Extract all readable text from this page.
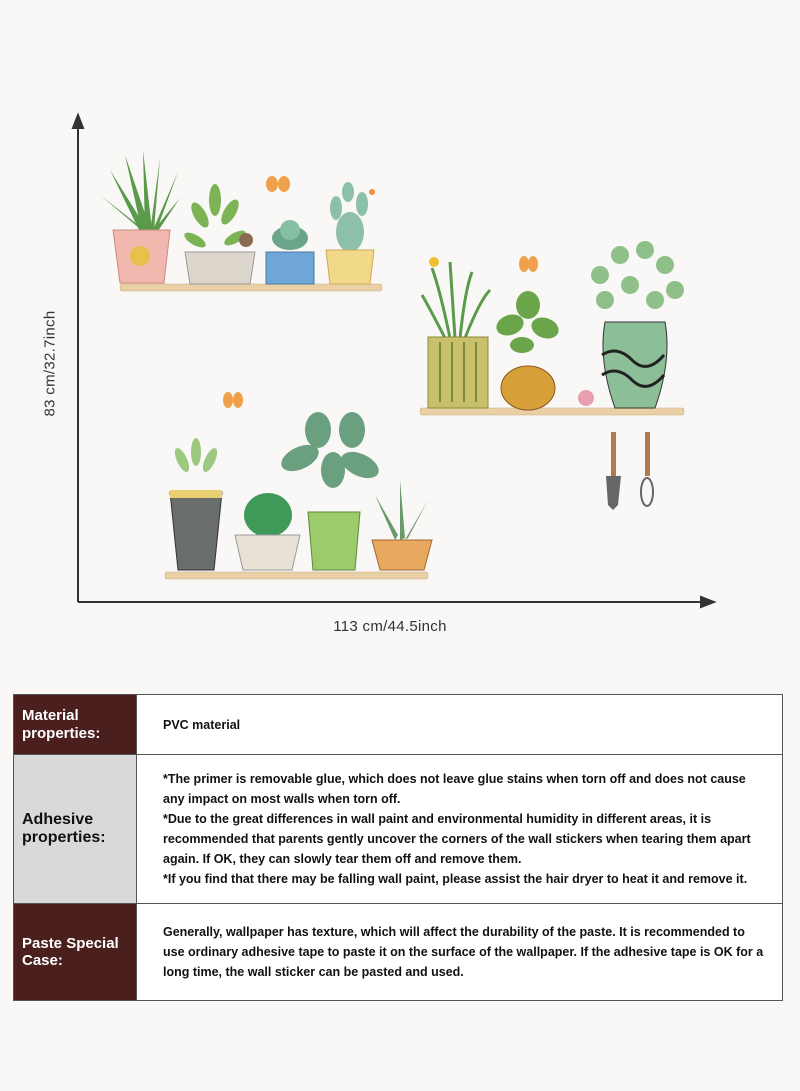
113 cm/44.5inch
83 cm/32.7inch
Material properties:	PVC material

Adhesive properties:	*The primer is removable glue, which does not leave glue stains when torn off and does not cause any impact on most walls when torn off.

*Due to the great differences in wall paint and environmental humidity in different areas, it is recommended that parents gently uncover the corners of the wall stickers when tearing them apart again. If OK, they can slowly tear them off and remove them.

*If you find that there may be falling wall paint, please assist the hair dryer to heat it and remove it.

Paste Special Case:	Generally, wallpaper has texture, which will affect the durability of the paste. It is recommended to use ordinary adhesive tape to paste it on the surface of the wallpaper. If the adhesive tape is OK for a long time, the wall sticker can be pasted and used.
